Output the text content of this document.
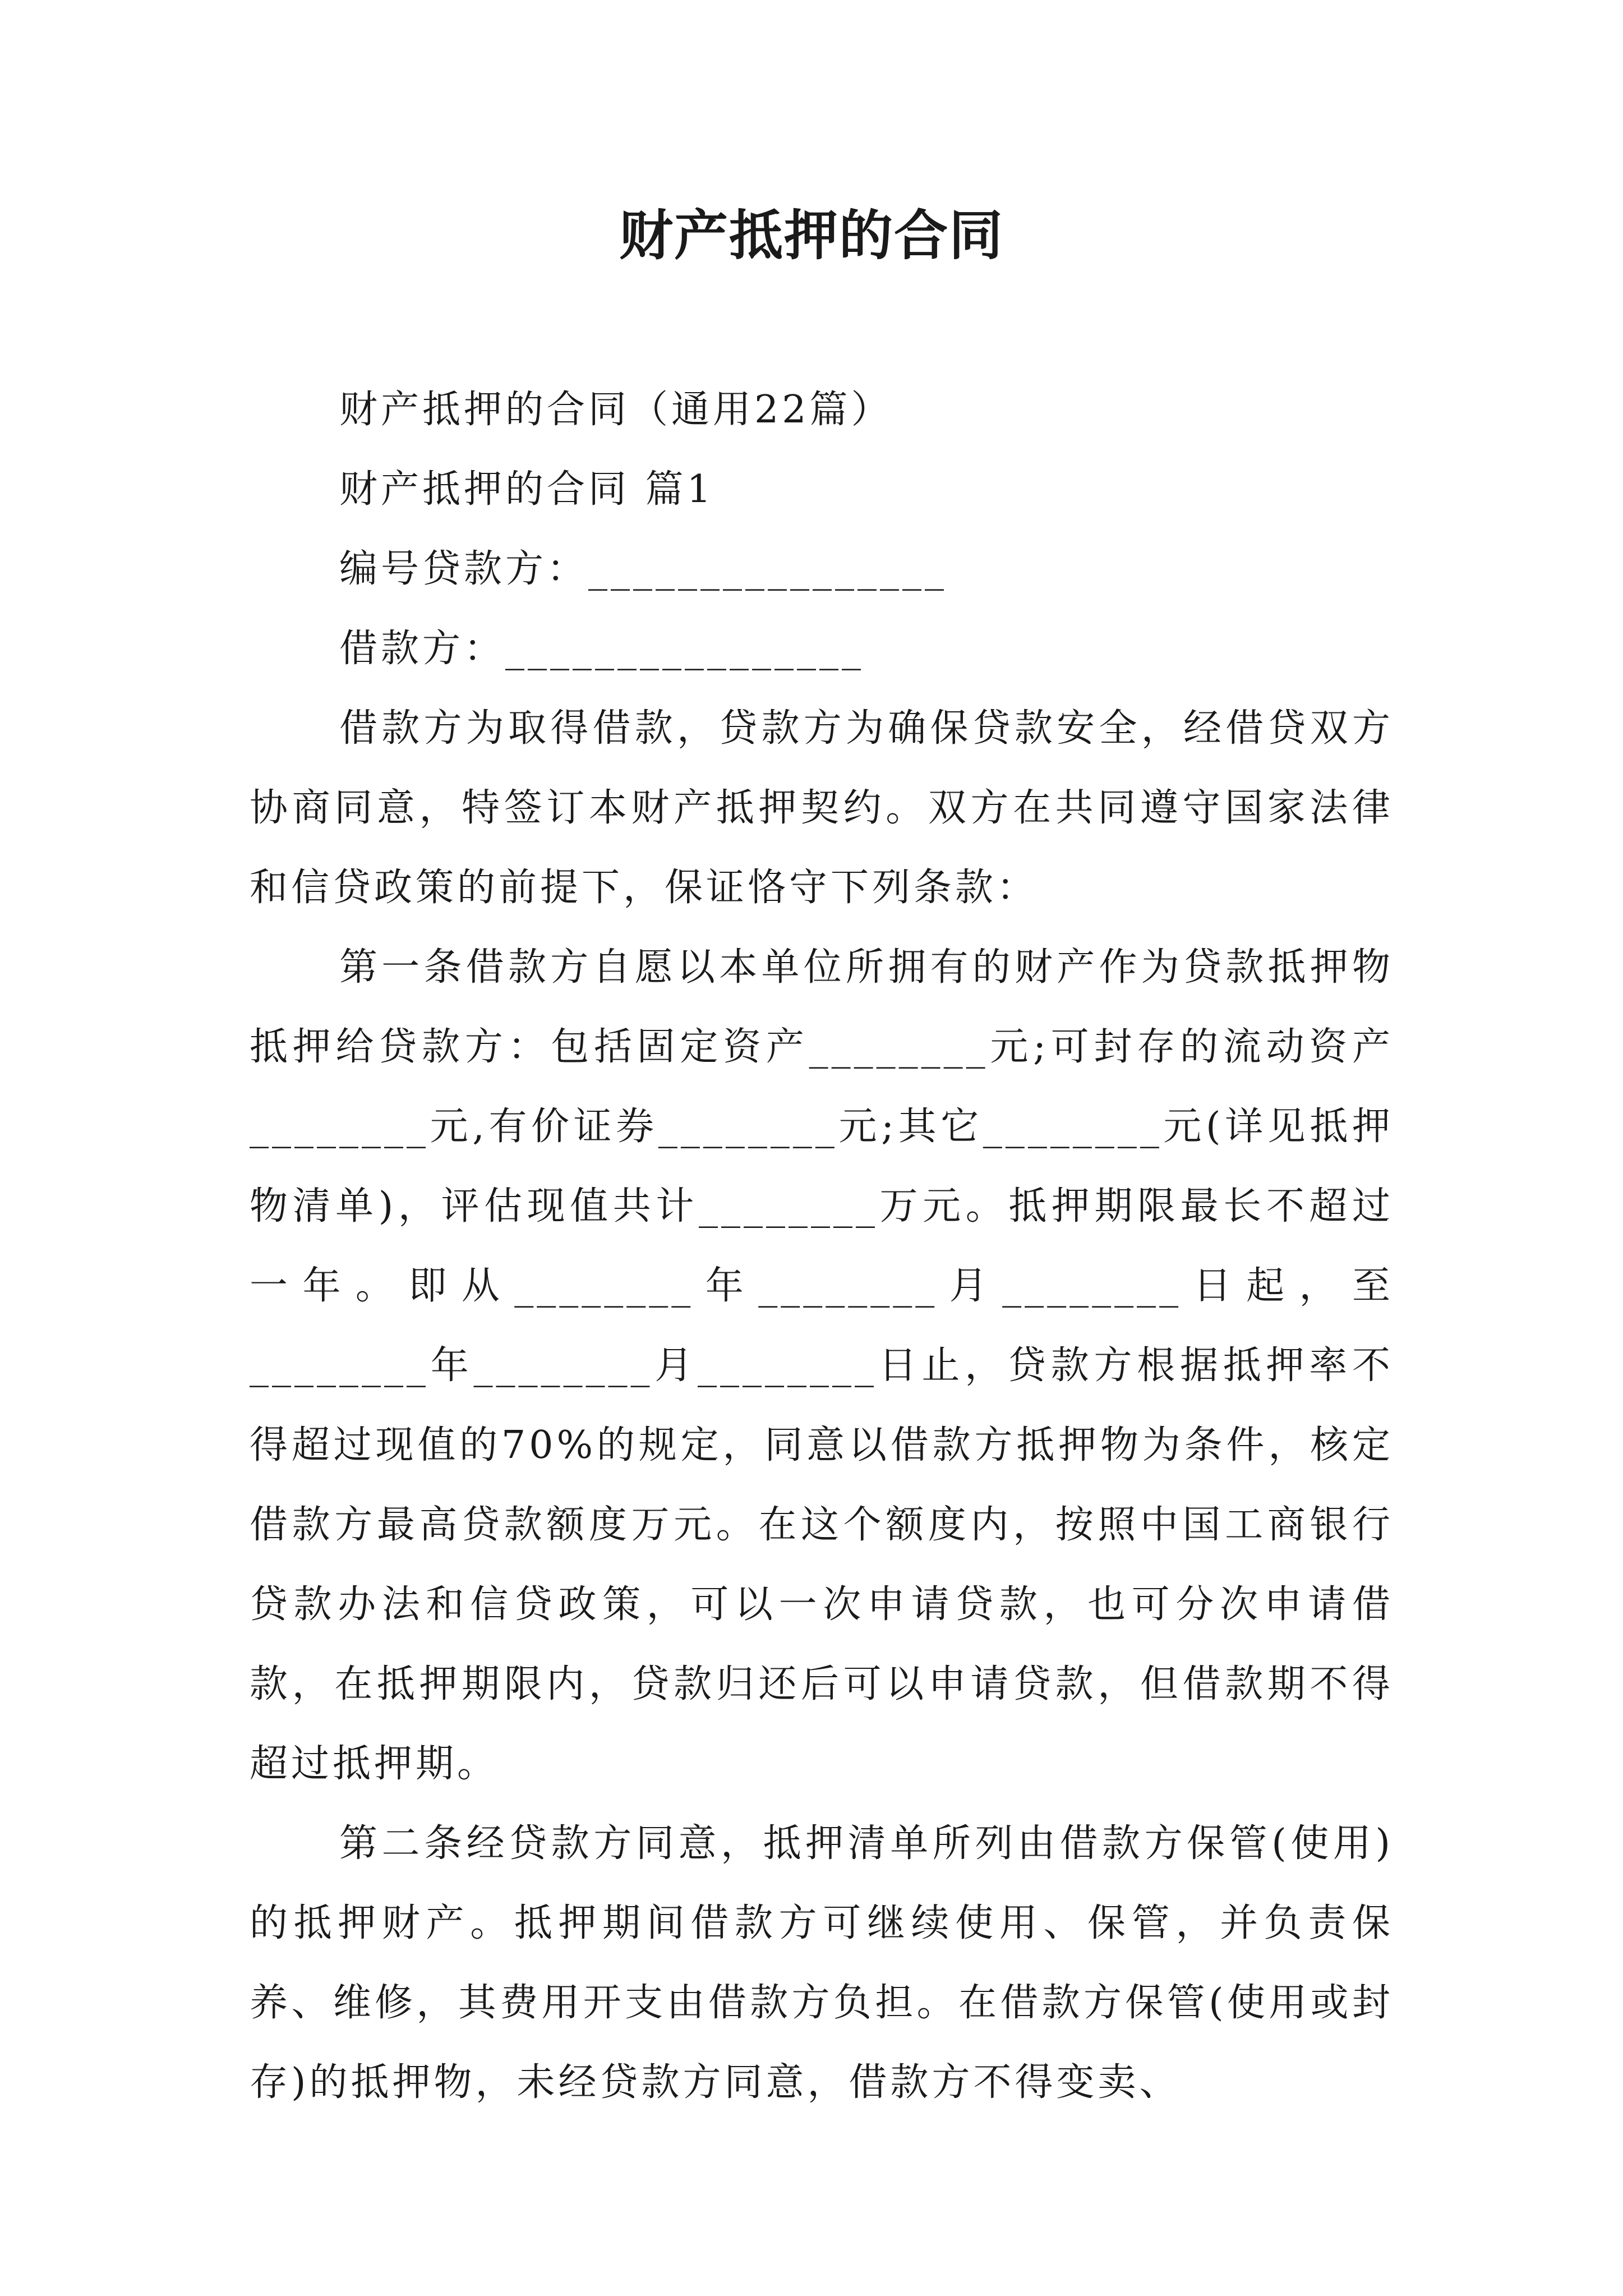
财产抵押的合同

财产抵押的合同（通用22篇）

财产抵押的合同 篇1

编号贷款方：________________

借款方：________________

借款方为取得借款，贷款方为确保贷款安全，经借贷双方协商同意，特签订本财产抵押契约。双方在共同遵守国家法律和信贷政策的前提下，保证恪守下列条款：

第一条借款方自愿以本单位所拥有的财产作为贷款抵押物抵押给贷款方：包括固定资产________元;可封存的流动资产________元,有价证券________元;其它________元(详见抵押物清单)，评估现值共计________万元。抵押期限最长不超过一年。即从________年________月________日起，至________年________月________日止，贷款方根据抵押率不得超过现值的70%的规定，同意以借款方抵押物为条件，核定借款方最高贷款额度万元。在这个额度内，按照中国工商银行贷款办法和信贷政策，可以一次申请贷款，也可分次申请借款，在抵押期限内，贷款归还后可以申请贷款，但借款期不得超过抵押期。

第二条经贷款方同意，抵押清单所列由借款方保管(使用)的抵押财产。抵押期间借款方可继续使用、保管，并负责保养、维修，其费用开支由借款方负担。在借款方保管(使用或封存)的抵押物，未经贷款方同意，借款方不得变卖、
